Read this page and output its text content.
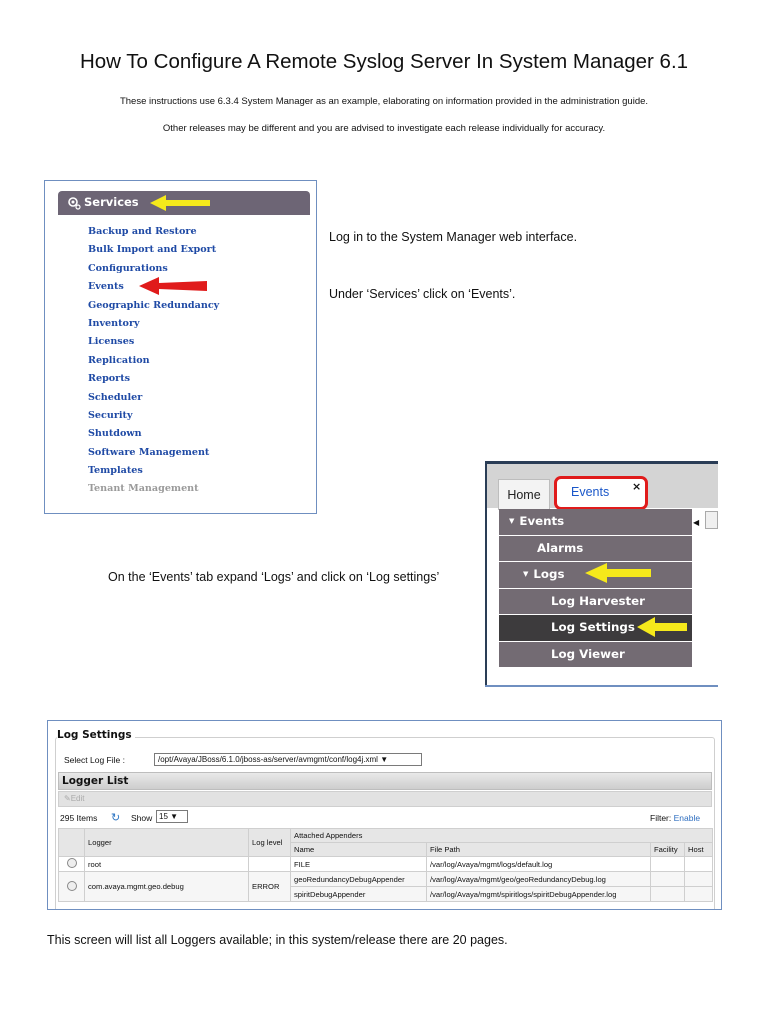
How To Configure A Remote Syslog Server In System Manager 6.1
These instructions use 6.3.4 System Manager as an example, elaborating on information provided in the administration guide.
Other releases may be different and you are advised to investigate each release individually for accuracy.
Services
Backup and Restore
Bulk Import and Export
Configurations
Events
Geographic Redundancy
Inventory
Licenses
Replication
Reports
Scheduler
Security
Shutdown
Software Management
Templates
Tenant Management
Log in to the System Manager web interface.
Under ‘Services’ click on ‘Events’.
Home	Events ×
▼ Events
Alarms
▼ Logs
Log Harvester
Log Settings
Log Viewer
◀
On the ‘Events’ tab expand ‘Logs’ and click on ‘Log settings’
Log Settings
Select Log File :	/opt/Avaya/JBoss/6.1.0/jboss-as/server/avmgmt/conf/log4j.xml ▼
Logger List
✎Edit
295 Items ↻ Show 15 ▼	Filter: Enable
	Logger	Log level	Attached Appenders			
			Name	File Path	Facility	Host
	root		FILE	/var/log/Avaya/mgmt/logs/default.log		
	com.avaya.mgmt.geo.debug	ERROR	geoRedundancyDebugAppender	/var/log/Avaya/mgmt/geo/geoRedundancyDebug.log		
			spiritDebugAppender	/var/log/Avaya/mgmt/spiritlogs/spiritDebugAppender.log		
This screen will list all Loggers available; in this system/release there are 20 pages.
